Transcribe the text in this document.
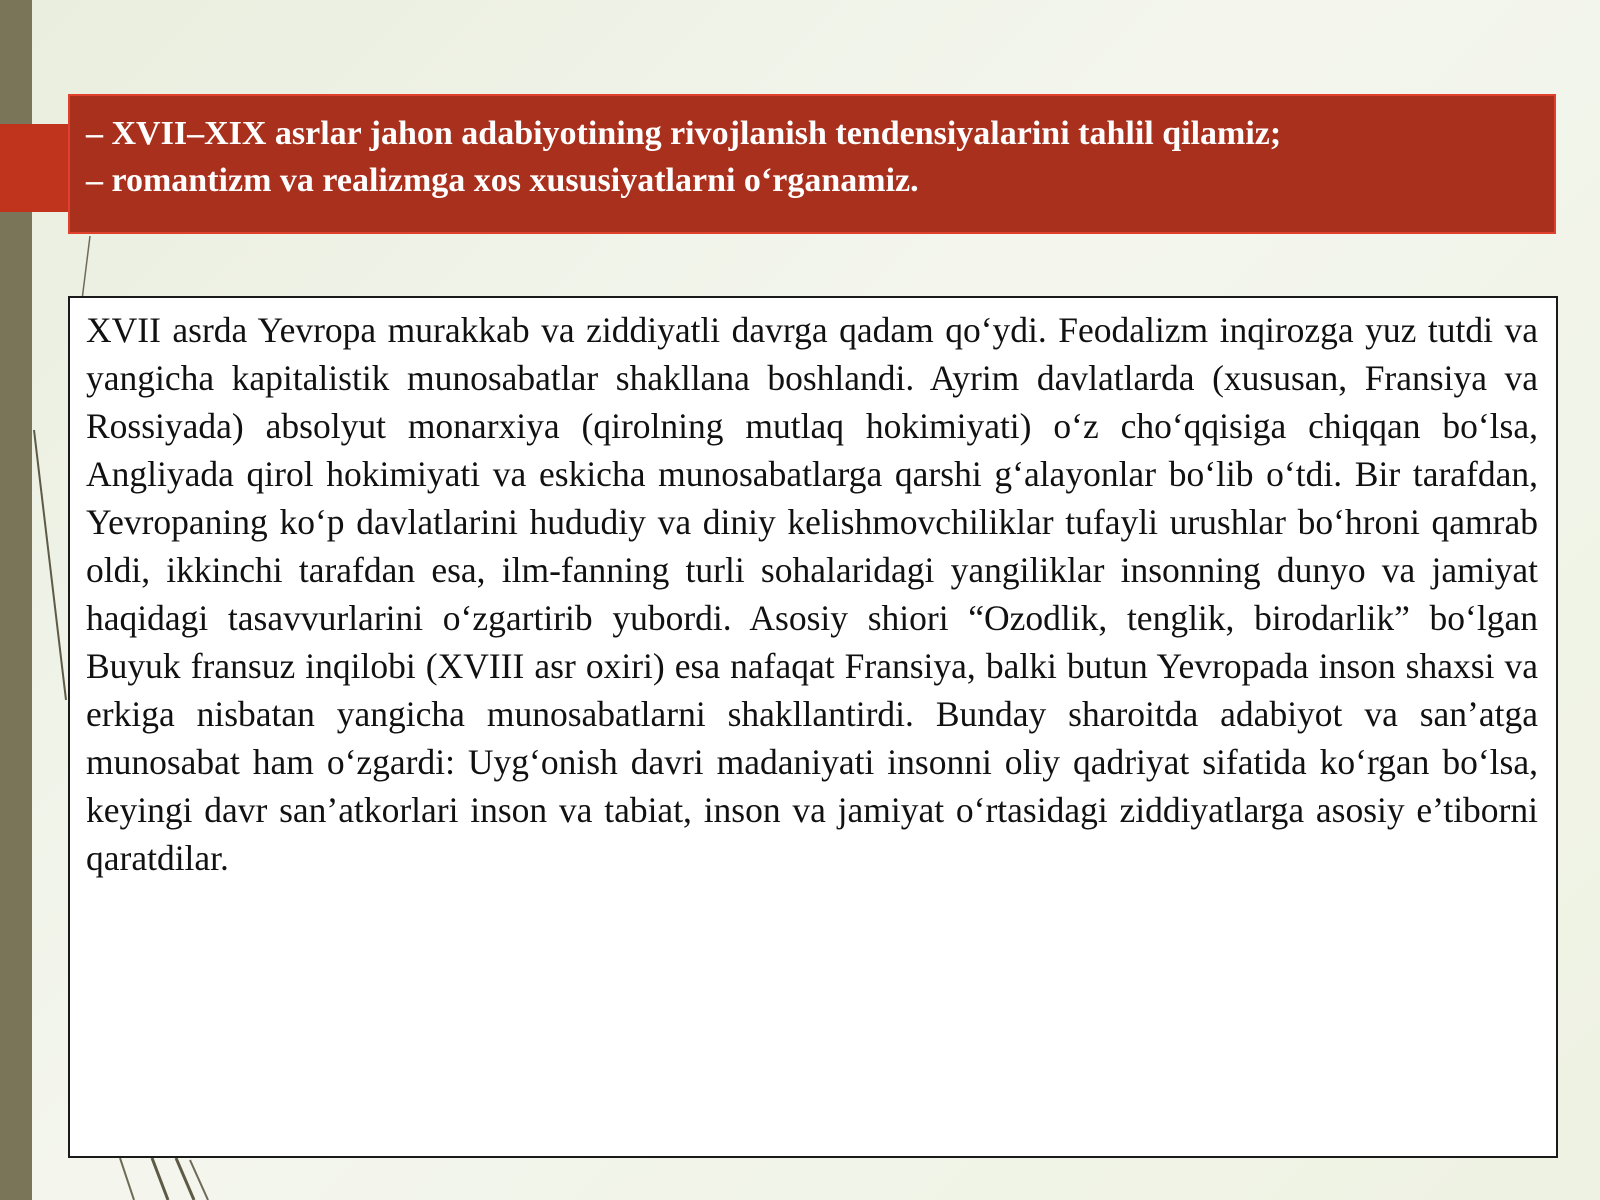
– XVII–XIX asrlar jahon adabiyotining rivojlanish tendensiyalarini tahlil qilamiz;
– romantizm va realizmga xos xususiyatlarni o‘rganamiz.

XVII asrda Yevropa murakkab va ziddiyatli davrga qadam qo‘ydi. Feodalizm inqirozga yuz tutdi va yangicha kapitalistik munosabatlar shakllana boshlandi. Ayrim davlatlarda (xususan, Fransiya va Rossiyada) absolyut monarxiya (qirolning mutlaq hokimiyati) o‘z cho‘qqisiga chiqqan bo‘lsa, Angliyada qirol hokimiyati va eskicha munosabatlarga qarshi g‘alayonlar bo‘lib o‘tdi. Bir tarafdan, Yevropaning ko‘p davlatlarini hududiy va diniy kelishmovchiliklar tufayli urushlar bo‘hroni qamrab oldi, ikkinchi tarafdan esa, ilm-fanning turli sohalaridagi yangiliklar insonning dunyo va jamiyat haqidagi tasavvurlarini o‘zgartirib yubordi. Asosiy shiori “Ozodlik, tenglik, birodarlik” bo‘lgan Buyuk fransuz inqilobi (XVIII asr oxiri) esa nafaqat Fransiya, balki butun Yevropada inson shaxsi va erkiga nisbatan yangicha munosabatlarni shakllantirdi. Bunday sharoitda adabiyot va san’atga munosabat ham o‘zgardi: Uyg‘onish davri madaniyati insonni oliy qadriyat sifatida ko‘rgan bo‘lsa, keyingi davr san’atkorlari inson va tabiat, inson va jamiyat o‘rtasidagi ziddiyatlarga asosiy e’tiborni qaratdilar.
